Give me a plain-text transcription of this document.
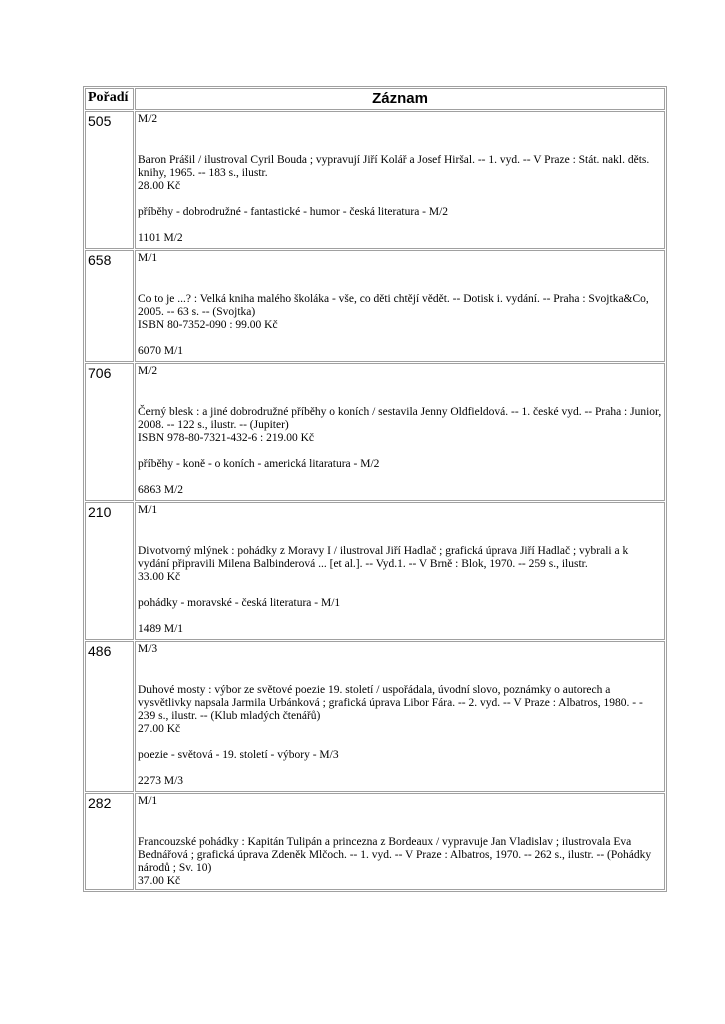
Pořadí	Záznam
505	M/2
Baron Prášil / ilustroval Cyril Bouda ; vypravují Jiří Kolář a Josef Hiršal. -- 1. vyd. -- V Praze : Stát. nakl. děts. knihy, 1965. -- 183 s., ilustr.
28.00 Kč
příběhy - dobrodružné - fantastické - humor - česká literatura - M/2
1101 M/2

658	M/1
Co to je ...? : Velká kniha malého školáka - vše, co děti chtějí vědět. -- Dotisk i. vydání. -- Praha : Svojtka&Co, 2005. -- 63 s. -- (Svojtka)
ISBN 80-7352-090 : 99.00 Kč
6070 M/1

706	M/2
Černý blesk : a jiné dobrodružné příběhy o koních / sestavila Jenny Oldfieldová. -- 1. české vyd. -- Praha : Junior, 2008. -- 122 s., ilustr. -- (Jupiter)
ISBN 978-80-7321-432-6 : 219.00 Kč
příběhy - koně - o koních - americká litaratura - M/2
6863 M/2

210	M/1
Divotvorný mlýnek : pohádky z Moravy I / ilustroval Jiří Hadlač ; grafická úprava Jiří Hadlač ; vybrali a k vydání připravili Milena Balbinderová ... [et al.]. -- Vyd.1. -- V Brně : Blok, 1970. -- 259 s., ilustr.
33.00 Kč
pohádky - moravské - česká literatura - M/1
1489 M/1

486	M/3
Duhové mosty : výbor ze světové poezie 19. století / uspořádala, úvodní slovo, poznámky o autorech a vysvětlivky napsala Jarmila Urbánková ; grafická úprava Libor Fára. -- 2. vyd. -- V Praze : Albatros, 1980. - - 239 s., ilustr. -- (Klub mladých čtenářů)
27.00 Kč
poezie - světová - 19. století - výbory - M/3
2273 M/3

282	M/1
Francouzské pohádky : Kapitán Tulipán a princezna z Bordeaux / vypravuje Jan Vladislav ; ilustrovala Eva Bednářová ; grafická úprava Zdeněk Mlčoch. -- 1. vyd. -- V Praze : Albatros, 1970. -- 262 s., ilustr. -- (Pohádky národů ; Sv. 10)
37.00 Kč
